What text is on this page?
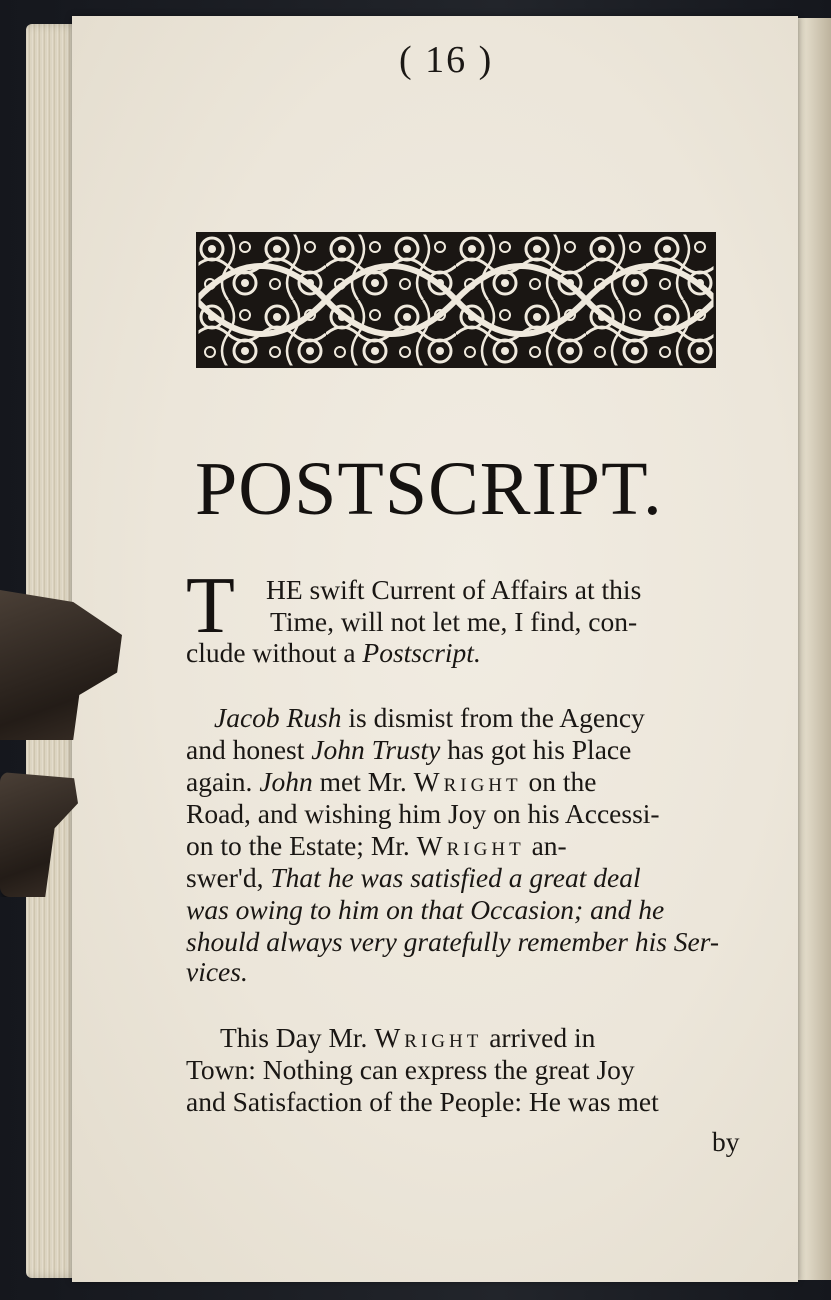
( 16 )
POSTSCRIPT.
T HE swift Current of Affairs at this
Time, will not let me, I find, con-
clude without a Postscript.
Jacob Rush is dismist from the Agency
and honest John Trusty has got his Place
again. John met Mr. Wright on the
Road, and wishing him Joy on his Accessi-
on to the Estate; Mr. Wright an-
swer'd, That he was satisfied a great deal
was owing to him on that Occasion; and he
should always very gratefully remember his Ser-
vices.
This Day Mr. Wright arrived in
Town: Nothing can express the great Joy
and Satisfaction of the People: He was met
by
